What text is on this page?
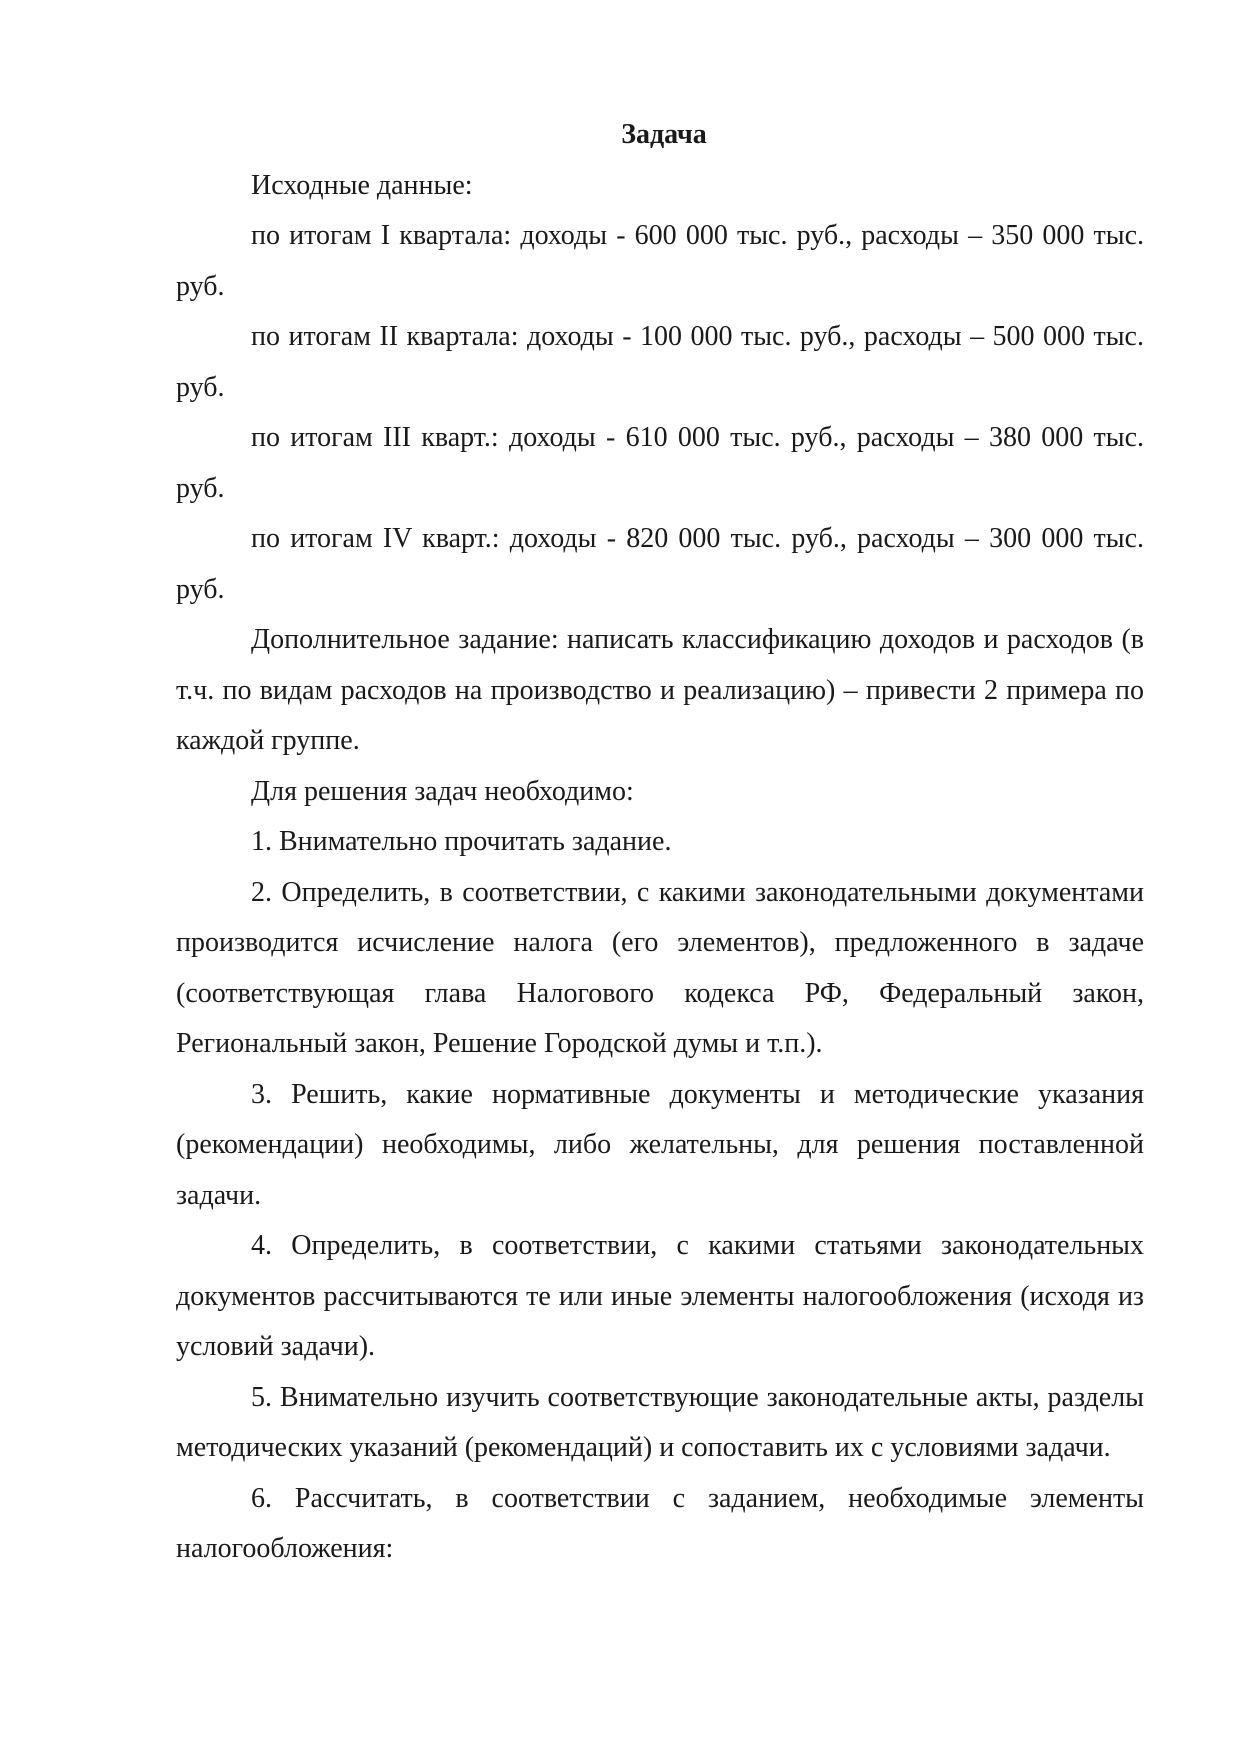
Задача

Исходные данные:

по итогам I квартала: доходы - 600 000 тыс. руб., расходы – 350 000 тыс. руб.

по итогам II квартала: доходы - 100 000 тыс. руб., расходы – 500 000 тыс. руб.

по итогам III кварт.: доходы - 610 000 тыс. руб., расходы – 380 000 тыс. руб.

по итогам IV кварт.: доходы - 820 000 тыс. руб., расходы – 300 000 тыс. руб.

Дополнительное задание: написать классификацию доходов и расходов (в т.ч. по видам расходов на производство и реализацию) – привести 2 примера по каждой группе.

Для решения задач необходимо:

1. Внимательно прочитать задание.

2. Определить, в соответствии, с какими законодательными документами производится исчисление налога (его элементов), предложенного в задаче (соответствующая глава Налогового кодекса РФ, Федеральный закон, Региональный закон, Решение Городской думы и т.п.).

3. Решить, какие нормативные документы и методические указания (рекомендации) необходимы, либо желательны, для решения поставленной задачи.

4. Определить, в соответствии, с какими статьями законодательных документов рассчитываются те или иные элементы налогообложения (исходя из условий задачи).

5. Внимательно изучить соответствующие законодательные акты, разделы методических указаний (рекомендаций) и сопоставить их с условиями задачи.

6. Рассчитать, в соответствии с заданием, необходимые элементы налогообложения:
